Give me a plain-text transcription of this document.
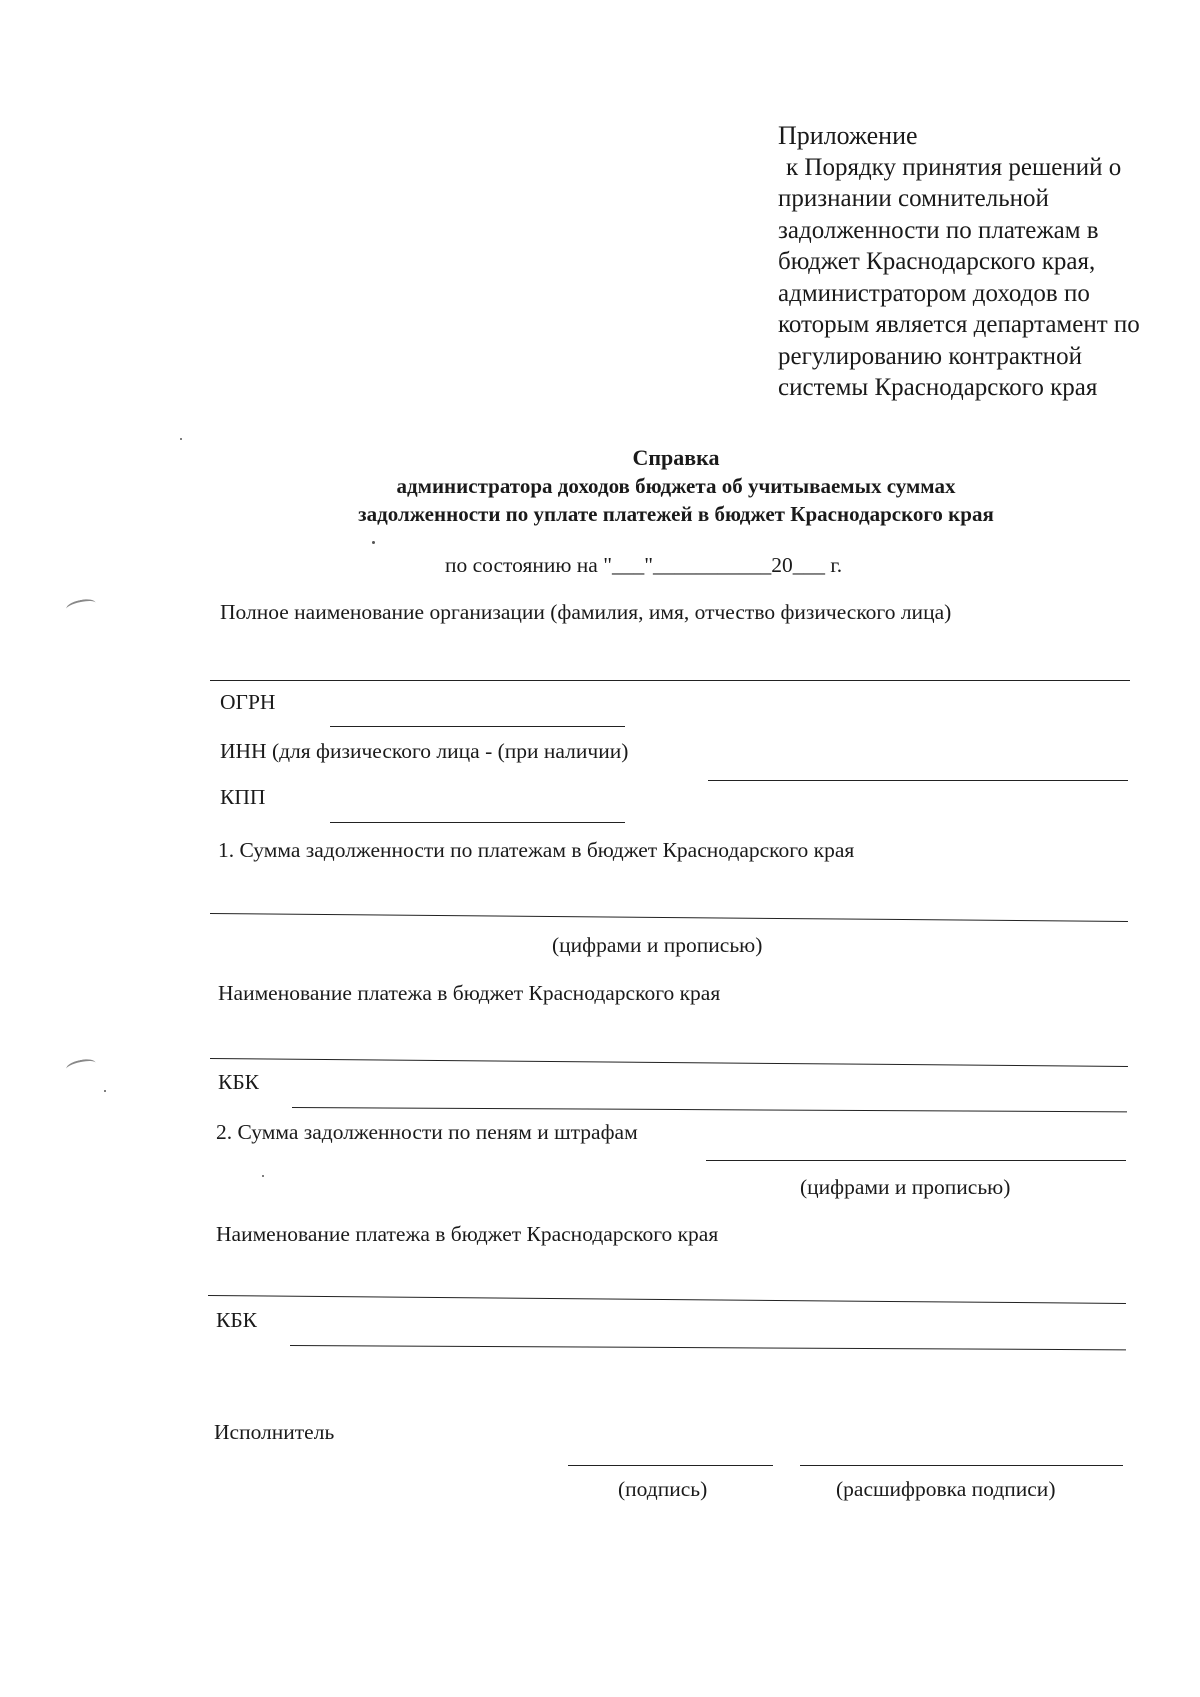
Приложение
к Порядку принятия решений о
признании сомнительной
задолженности по платежам в
бюджет Краснодарского края,
администратором доходов по
которым является департамент по
регулированию контрактной
системы Краснодарского края
Справка
администратора доходов бюджета об учитываемых суммах
задолженности по уплате платежей в бюджет Краснодарского края
по состоянию на "___"___________20___ г.
Полное наименование организации (фамилия, имя, отчество физического лица)
ОГРН
ИНН (для физического лица - (при наличии)
КПП
1. Сумма задолженности по платежам в бюджет Краснодарского края
(цифрами и прописью)
Наименование платежа в бюджет Краснодарского края
КБК
2. Сумма задолженности по пеням и штрафам
(цифрами и прописью)
Наименование платежа в бюджет Краснодарского края
КБК
Исполнитель
(подпись)	(расшифровка подписи)
